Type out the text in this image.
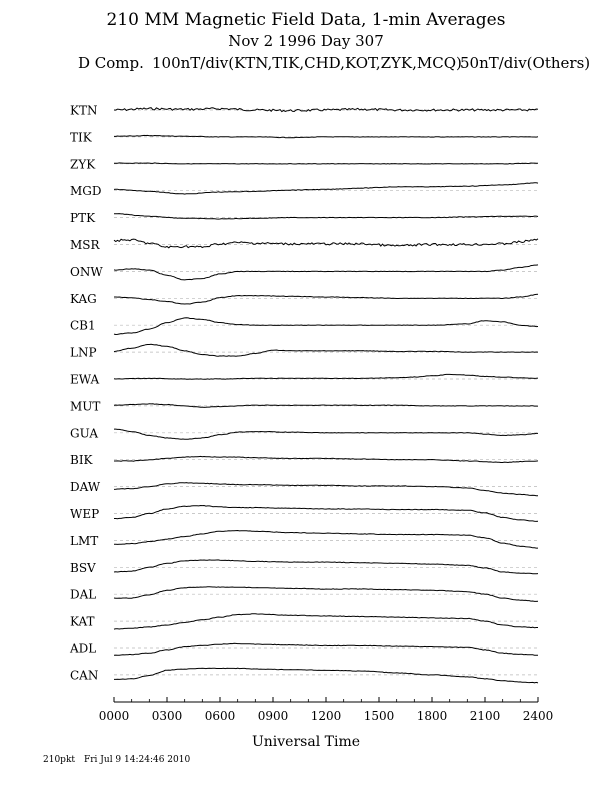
210 MM Magnetic Field Data, 1-min Averages
Nov 2 1996 Day 307
D Comp. 100nT/div(KTN,TIK,CHD,KOT,ZYK,MCQ)
50nT/div(Others)
KTN
TIK
ZYK
MGD
PTK
MSR
ONW
KAG
CB1
LNP
EWA
MUT
GUA
BIK
DAW
WEP
LMT
BSV
DAL
KAT
ADL
CAN
0000 0300 0600 0900 1200 1500 1800 2100 2400
Universal Time
210pkt Fri Jul 9 14:24:46 2010
